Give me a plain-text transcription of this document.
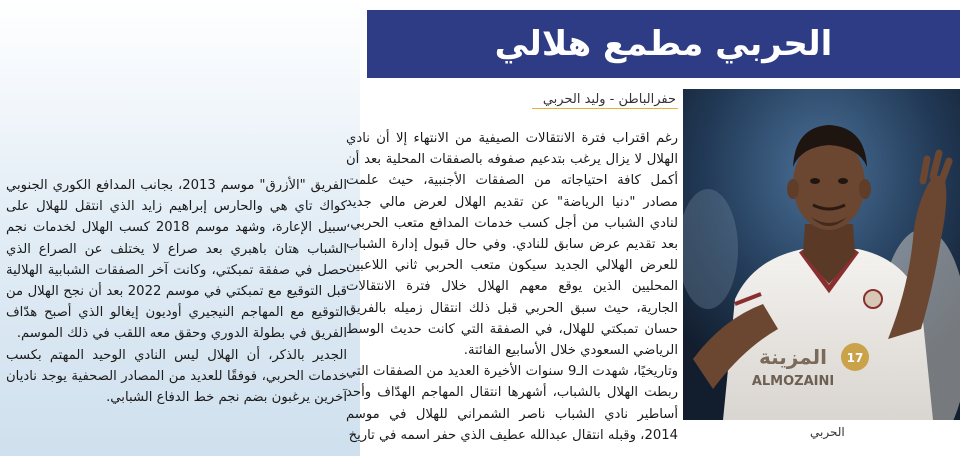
الحربي مطمع هلالي
حفرالباطن - وليد الحربي

رغم اقتراب فترة الانتقالات الصيفية من الانتهاء إلا أن نادي الهلال لا يزال يرغب بتدعيم صفوفه بالصفقات المحلية بعد أن أكمل كافة احتياجاته من الصفقات الأجنبية، حيث علمت مصادر "دنيا الرياضة" عن تقديم الهلال لعرض مالي جديد لنادي الشباب من أجل كسب خدمات المدافع متعب الحربي، بعد تقديم عرض سابق للنادي. وفي حال قبول إدارة الشباب للعرض الهلالي الجديد سيكون متعب الحربي ثاني اللاعبين المحليين الذين يوقع معهم الهلال خلال فترة الانتقالات الجارية، حيث سبق الحربي قبل ذلك انتقال زميله بالفريق حسان تمبكتي للهلال، في الصفقة التي كانت حديث الوسط الرياضي السعودي خلال الأسابيع الفائتة.

وتاريخيًا، شهدت الـ9 سنوات الأخيرة العديد من الصفقات التي ربطت الهلال بالشباب، أشهرها انتقال المهاجم الهدّاف وأحد أساطير نادي الشباب ناصر الشمراني للهلال في موسم 2014، وقبله انتقال عبدالله عطيف الذي حفر اسمه في تاريخ

الفريق "الأزرق" موسم 2013، بجانب المدافع الكوري الجنوبي كواك تاي هي والحارس إبراهيم زايد الذي انتقل للهلال على سبيل الإعارة، وشهد موسم 2018 كسب الهلال لخدمات نجم الشباب هتان باهبري بعد صراع لا يختلف عن الصراع الذي حصل في صفقة تمبكتي، وكانت آخر الصفقات الشبابية الهلالية قبل التوقيع مع تمبكتي في موسم 2022 بعد أن نجح الهلال من التوقيع مع المهاجم النيجيري أوديون إيغالو الذي أصبح هدّاف الفريق في بطولة الدوري وحقق معه اللقب في ذلك الموسم.

الجدير بالذكر، أن الهلال ليس النادي الوحيد المهتم بكسب خدمات الحربي، فوفقًا للعديد من المصادر الصحفية يوجد ناديان آخرين يرغبون بضم نجم خط الدفاع الشبابي.

17
المزينة
ALMOZAINI
الحربي
